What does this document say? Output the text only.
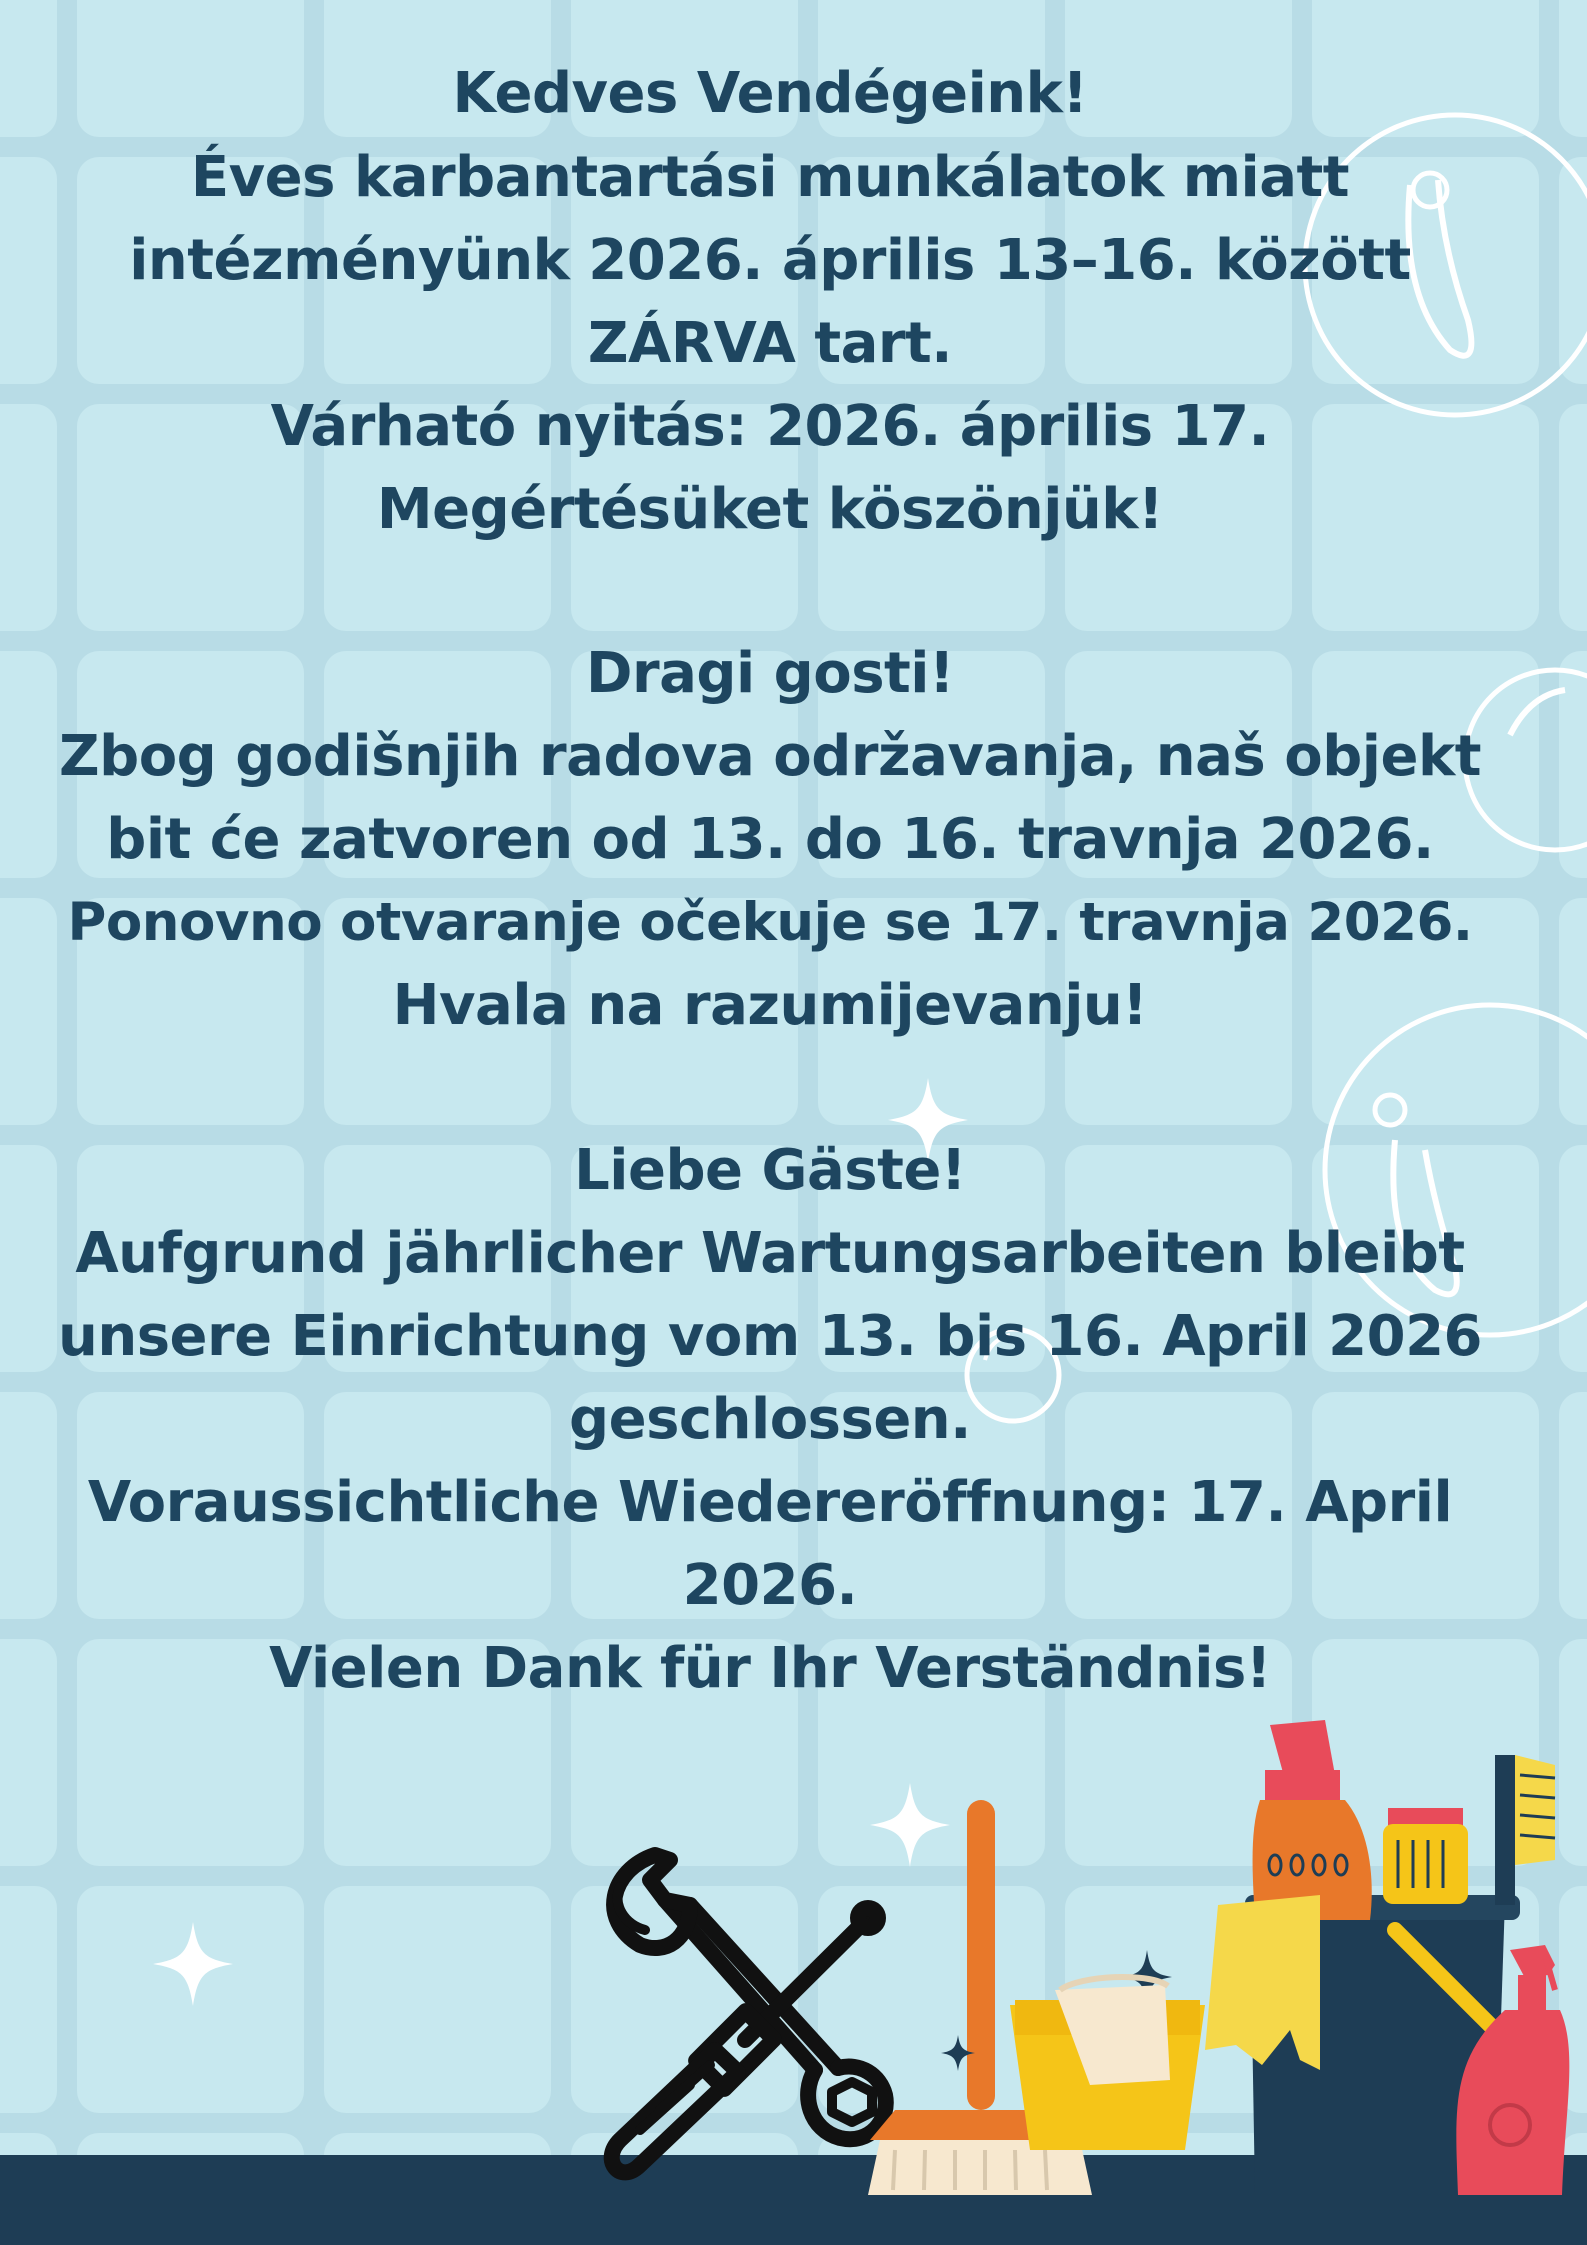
Kedves Vendégeink!

Éves karbantartási munkálatok miatt

intézményünk 2026. április 13–16. között

ZÁRVA tart.

Várható nyitás: 2026. április 17.

Megértésüket köszönjük!

Dragi gosti!

Zbog godišnjih radova održavanja, naš objekt

bit će zatvoren od 13. do 16. travnja 2026.

Ponovno otvaranje očekuje se 17. travnja 2026.

Hvala na razumijevanju!

Liebe Gäste!

Aufgrund jährlicher Wartungsarbeiten bleibt

unsere Einrichtung vom 13. bis 16. April 2026

geschlossen.

Voraussichtliche Wiedereröffnung: 17. April

2026.

Vielen Dank für Ihr Verständnis!
